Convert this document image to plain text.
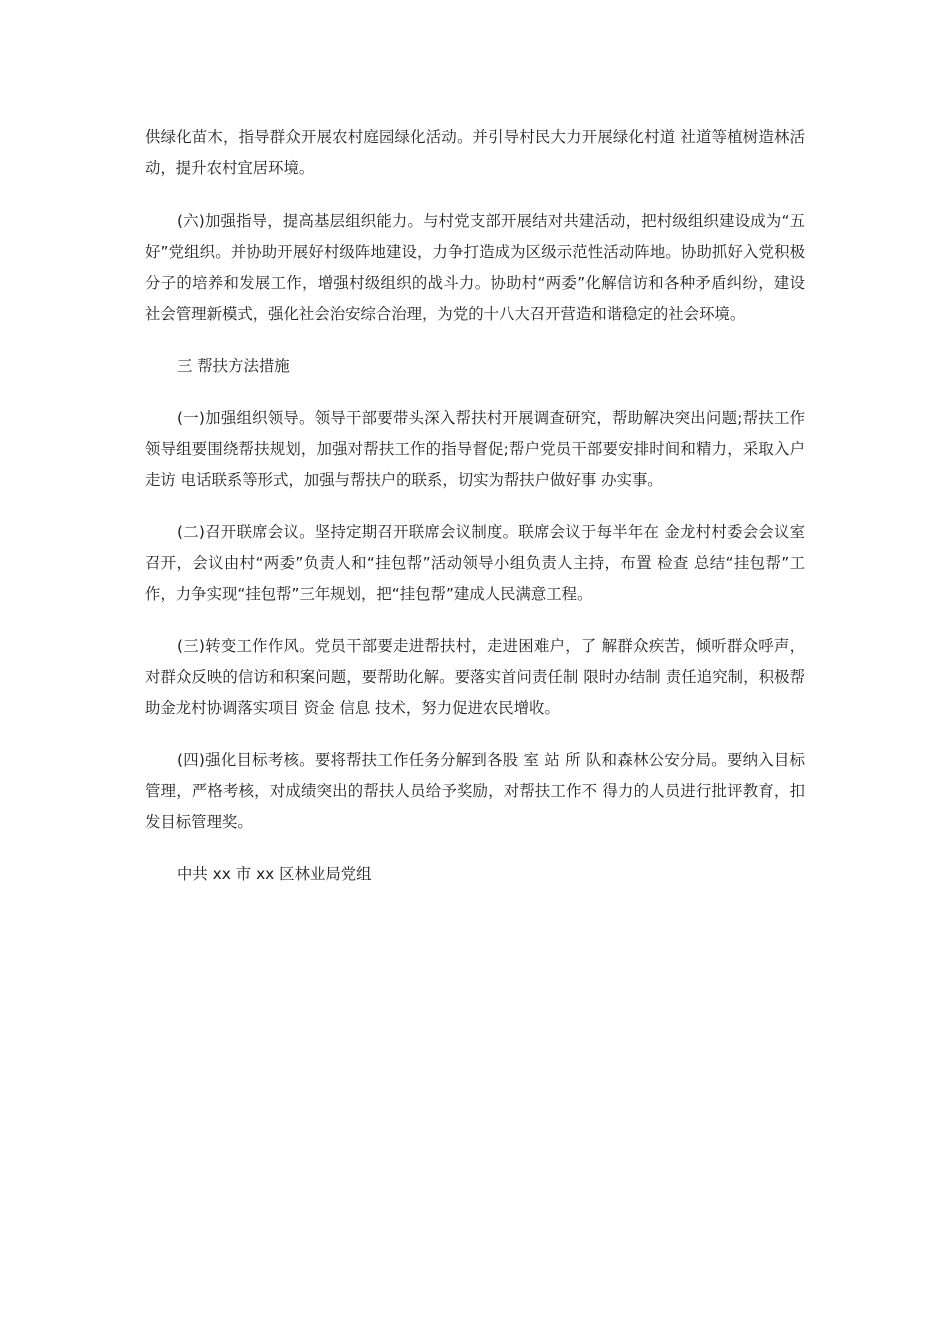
供绿化苗木，指导群众开展农村庭园绿化活动。并引导村民大力开展绿化村道 社道等植树造林活动，提升农村宜居环境。

(六)加强指导，提高基层组织能力。与村党支部开展结对共建活动，把村级组织建设成为“五好”党组织。并协助开展好村级阵地建设，力争打造成为区级示范性活动阵地。协助抓好入党积极分子的培养和发展工作，增强村级组织的战斗力。协助村“两委”化解信访和各种矛盾纠纷，建设社会管理新模式，强化社会治安综合治理，为党的十八大召开营造和谐稳定的社会环境。

三 帮扶方法措施

(一)加强组织领导。领导干部要带头深入帮扶村开展调查研究，帮助解决突出问题;帮扶工作领导组要围绕帮扶规划，加强对帮扶工作的指导督促;帮户党员干部要安排时间和精力，采取入户走访 电话联系等形式，加强与帮扶户的联系，切实为帮扶户做好事 办实事。

(二)召开联席会议。坚持定期召开联席会议制度。联席会议于每半年在 金龙村村委会会议室召开，会议由村“两委”负责人和“挂包帮”活动领导小组负责人主持，布置 检查 总结“挂包帮”工作，力争实现“挂包帮”三年规划，把“挂包帮”建成人民满意工程。

(三)转变工作作风。党员干部要走进帮扶村，走进困难户，了 解群众疾苦，倾听群众呼声，对群众反映的信访和积案问题，要帮助化解。要落实首问责任制 限时办结制 责任追究制，积极帮助金龙村协调落实项目 资金 信息 技术，努力促进农民增收。

(四)强化目标考核。要将帮扶工作任务分解到各股 室 站 所 队和森林公安分局。要纳入目标管理，严格考核，对成绩突出的帮扶人员给予奖励，对帮扶工作不 得力的人员进行批评教育，扣发目标管理奖。

中共 xx 市 xx 区林业局党组
